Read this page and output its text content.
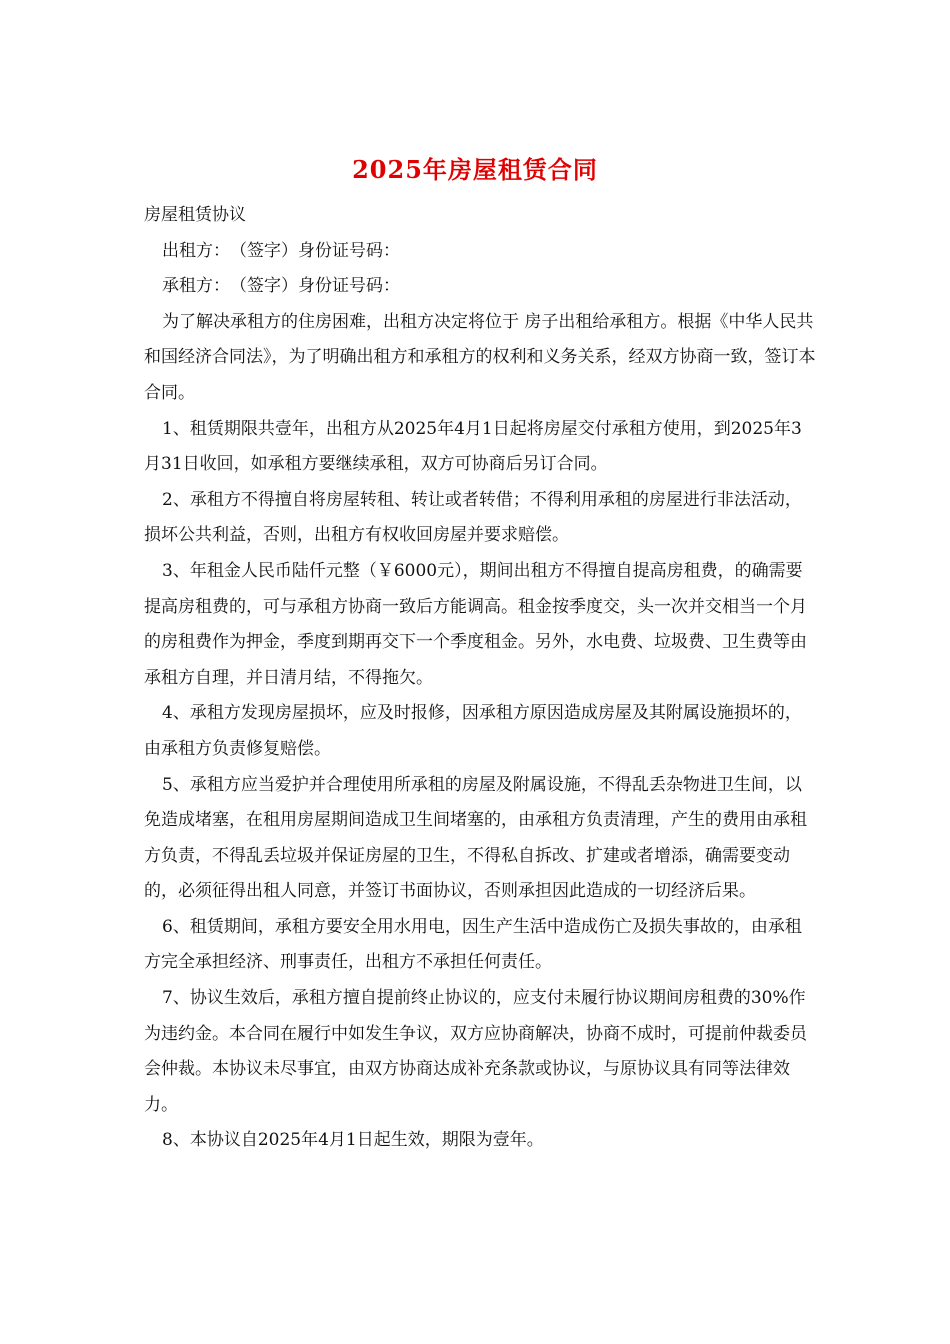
2025年房屋租赁合同

房屋租赁协议

出租方：　（签字）身份证号码：

承租方：　（签字）身份证号码：

为了解决承租方的住房困难，出租方决定将位于 房子出租给承租方。根据《中华人民共和国经济合同法》，为了明确出租方和承租方的权利和义务关系，经双方协商一致，签订本合同。

1、租赁期限共壹年，出租方从2025年4月1日起将房屋交付承租方使用，到2025年3月31日收回，如承租方要继续承租，双方可协商后另订合同。

2、承租方不得擅自将房屋转租、转让或者转借；不得利用承租的房屋进行非法活动，损坏公共利益，否则，出租方有权收回房屋并要求赔偿。

3、年租金人民币陆仟元整（￥6000元），期间出租方不得擅自提高房租费，的确需要提高房租费的，可与承租方协商一致后方能调高。租金按季度交，头一次并交相当一个月的房租费作为押金，季度到期再交下一个季度租金。另外，水电费、垃圾费、卫生费等由承租方自理，并日清月结，不得拖欠。

4、承租方发现房屋损坏，应及时报修，因承租方原因造成房屋及其附属设施损坏的，由承租方负责修复赔偿。

5、承租方应当爱护并合理使用所承租的房屋及附属设施，不得乱丢杂物进卫生间，以免造成堵塞，在租用房屋期间造成卫生间堵塞的，由承租方负责清理，产生的费用由承租方负责，不得乱丢垃圾并保证房屋的卫生，不得私自拆改、扩建或者增添，确需要变动的，必须征得出租人同意，并签订书面协议，否则承担因此造成的一切经济后果。

6、租赁期间，承租方要安全用水用电，因生产生活中造成伤亡及损失事故的，由承租方完全承担经济、刑事责任，出租方不承担任何责任。

7、协议生效后，承租方擅自提前终止协议的，应支付未履行协议期间房租费的30%作为违约金。本合同在履行中如发生争议，双方应协商解决，协商不成时，可提前仲裁委员会仲裁。本协议未尽事宜，由双方协商达成补充条款或协议，与原协议具有同等法律效力。

8、本协议自2025年4月1日起生效，期限为壹年。
